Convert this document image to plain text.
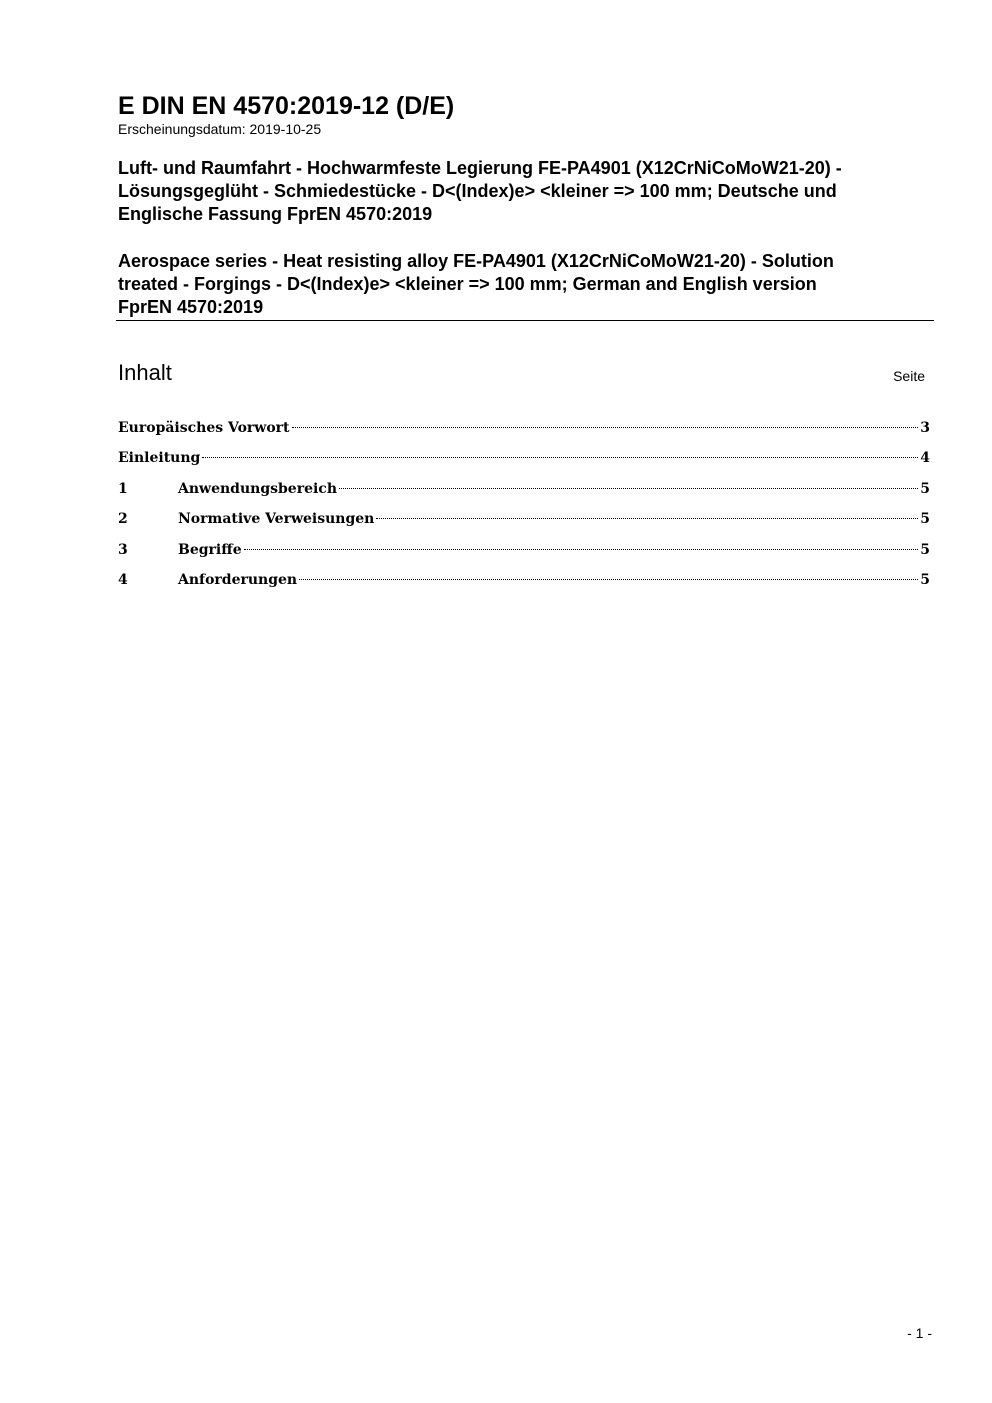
E DIN EN 4570:2019-12 (D/E)
Erscheinungsdatum: 2019-10-25
Luft- und Raumfahrt - Hochwarmfeste Legierung FE-PA4901 (X12CrNiCoMoW21-20) -
Lösungsgeglüht - Schmiedestücke - D<(Index)e> <kleiner => 100 mm; Deutsche und
Englische Fassung FprEN 4570:2019
Aerospace series - Heat resisting alloy FE-PA4901 (X12CrNiCoMoW21-20) - Solution
treated - Forgings - D<(Index)e> <kleiner => 100 mm; German and English version
FprEN 4570:2019
Inhalt	Seite
Europäisches Vorwort	3
Einleitung	4
1	Anwendungsbereich	5
2	Normative Verweisungen	5
3	Begriffe	5
4	Anforderungen	5
- 1 -
